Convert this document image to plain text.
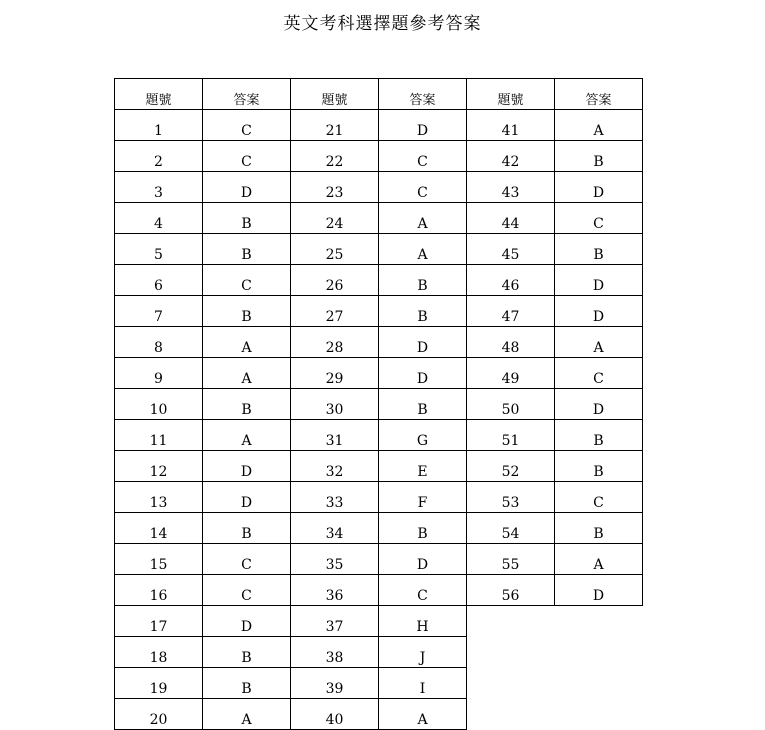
英文考科選擇題參考答案
題號	答案	題號	答案	題號	答案
1	C	21	D	41	A
2	C	22	C	42	B
3	D	23	C	43	D
4	B	24	A	44	C
5	B	25	A	45	B
6	C	26	B	46	D
7	B	27	B	47	D
8	A	28	D	48	A
9	A	29	D	49	C
10	B	30	B	50	D
11	A	31	G	51	B
12	D	32	E	52	B
13	D	33	F	53	C
14	B	34	B	54	B
15	C	35	D	55	A
16	C	36	C	56	D
17	D	37	H		
18	B	38	J		
19	B	39	I		
20	A	40	A		
